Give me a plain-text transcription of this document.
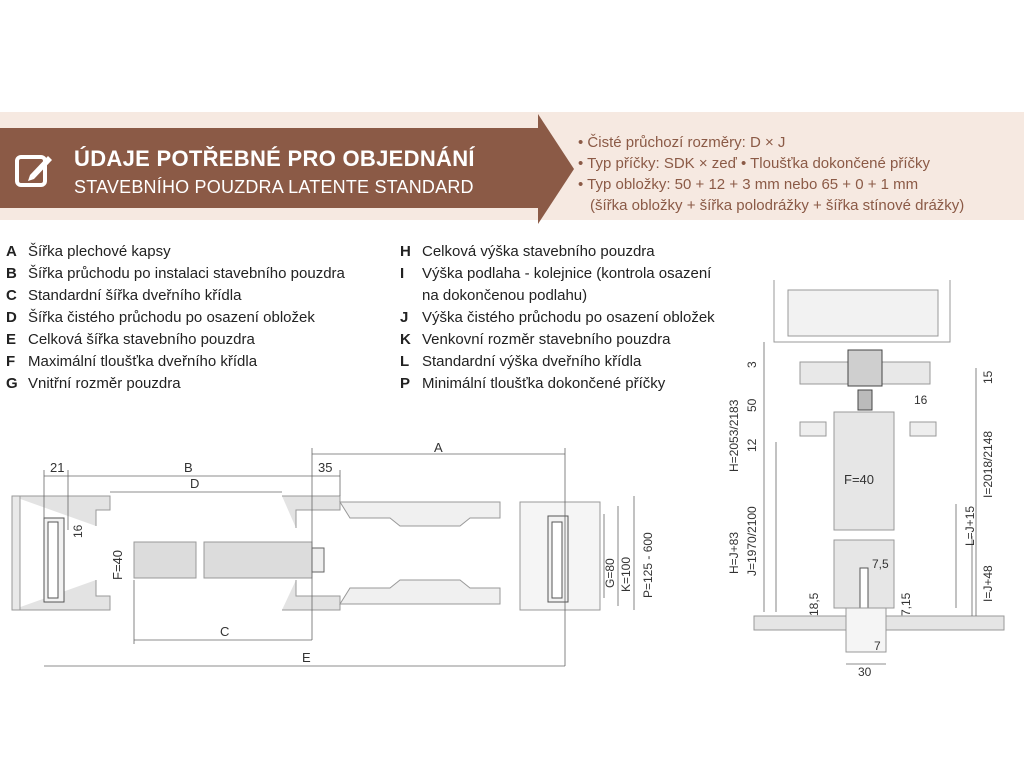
ÚDAJE POTŘEBNÉ PRO OBJEDNÁNÍ
STAVEBNÍHO POUZDRA LATENTE STANDARD
• Čisté průchozí rozměry: D × J
• Typ příčky: SDK × zeď • Tloušťka dokončené příčky
• Typ obložky: 50 + 12 + 3 mm nebo 65 + 0 + 1 mm
(šířka obložky + šířka polodrážky + šířka stínové drážky)
A Šířka plechové kapsy
B Šířka průchodu po instalaci stavebního pouzdra
C Standardní šířka dveřního křídla
D Šířka čistého průchodu po osazení obložek
E Celková šířka stavebního pouzdra
F Maximální tloušťka dveřního křídla
G Vnitřní rozměr pouzdra
H Celková výška stavebního pouzdra
I	Výška podlaha - kolejnice (kontrola osazení
na dokončenou podlahu)
J Výška čistého průchodu po osazení obložek
K Venkovní rozměr stavebního pouzdra
L Standardní výška dveřního křídla
P Minimální tloušťka dokončené příčky
21	B	35
A
D
16
F=40	G=80 K=100 P=125 - 600
C
E
3
50
12
H=2053/2183
15
16
I=2018/2148
F=40
L=J+15
H=J+83 J=1970/2100	7,5
I=J+48
18,5	7,15
7
30
